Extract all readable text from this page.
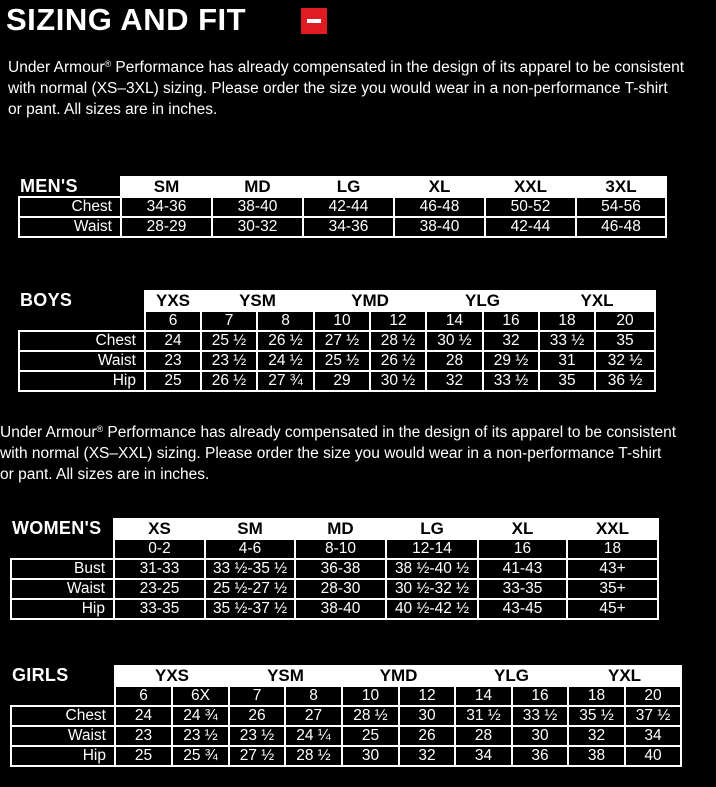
SIZING AND FIT

Under Armour® Performance has already compensated in the design of its apparel to be consistent
with normal (XS–3XL) sizing. Please order the size you would wear in a non-performance T-shirt
or pant. All sizes are in inches.

MEN'S
		SM	MD	LG	XL	XXL	3XL
Chest	34-36	38-40	42-44	46-48	50-52	54-56
Waist	28-29	30-32	34-36	38-40	42-44	46-48
BOYS
		YXS	YSM		YMD		YLG		YXL	
	6	7	8	10	12	14	16	18	20
Chest	24	25 ½	26 ½	27 ½	28 ½	30 ½	32	33 ½	35
Waist	23	23 ½	24 ½	25 ½	26 ½	28	29 ½	31	32 ½
Hip	25	26 ½	27 ¾	29	30 ½	32	33 ½	35	36 ½

Under Armour® Performance has already compensated in the design of its apparel to be consistent
with normal (XS–XXL) sizing. Please order the size you would wear in a non-performance T-shirt
or pant. All sizes are in inches.

WOMEN'S
		XS	SM	MD	LG	XL	XXL
	0-2	4-6	8-10	12-14	16	18
Bust	31-33	33 ½-35 ½	36-38	38 ½-40 ½	41-43	43+
Waist	23-25	25 ½-27 ½	28-30	30 ½-32 ½	33-35	35+
Hip	33-35	35 ½-37 ½	38-40	40 ½-42 ½	43-45	45+
GIRLS
		YXS		YSM		YMD		YLG		YXL	
	6	6X	7	8	10	12	14	16	18	20
Chest	24	24 ¾	26	27	28 ½	30	31 ½	33 ½	35 ½	37 ½
Waist	23	23 ½	23 ½	24 ¼	25	26	28	30	32	34
Hip	25	25 ¾	27 ½	28 ½	30	32	34	36	38	40
